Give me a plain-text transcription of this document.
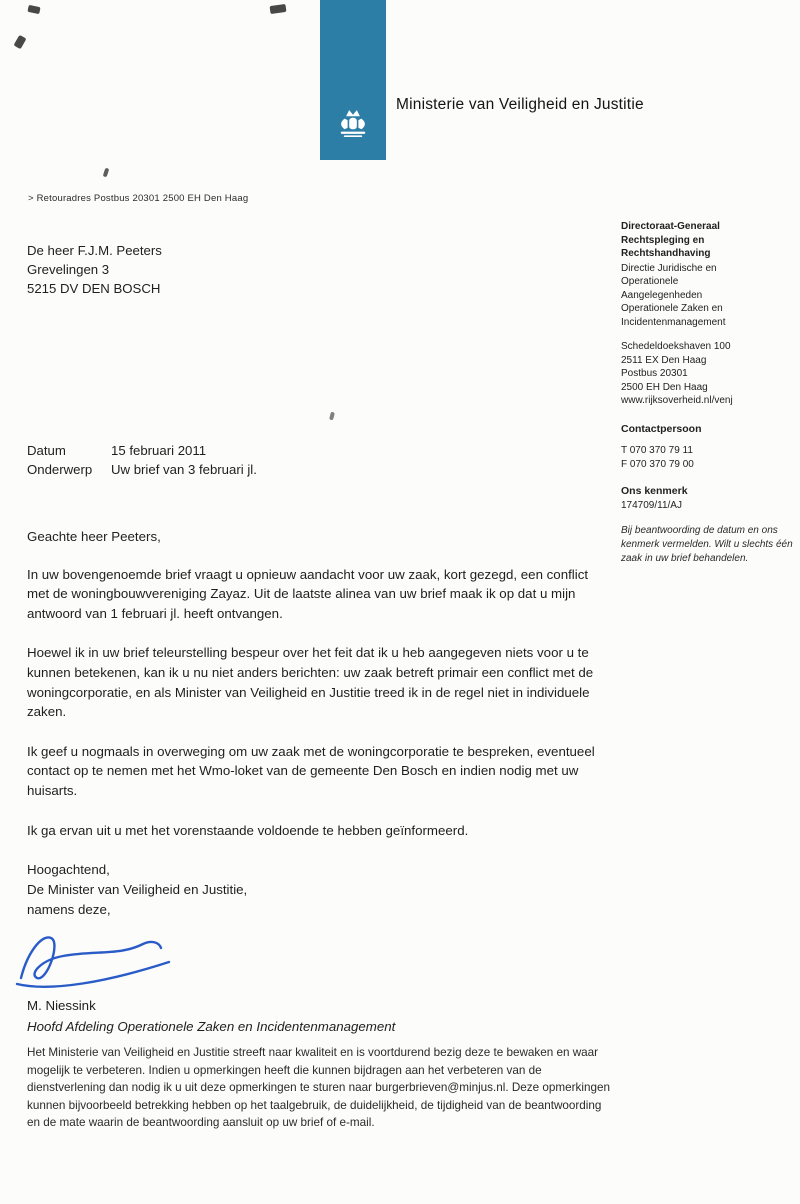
Ministerie van Veiligheid en Justitie
> Retouradres Postbus 20301 2500 EH Den Haag
De heer F.J.M. Peeters
Grevelingen 3
5215 DV DEN BOSCH
Directoraat-Generaal
Rechtspleging en
Rechtshandhaving
Directie Juridische en
Operationele
Aangelegenheden
Operationele Zaken en
Incidentenmanagement
Schedeldoekshaven 100
2511 EX Den Haag
Postbus 20301
2500 EH Den Haag
www.rijksoverheid.nl/venj
Contactpersoon
T 070 370 79 11
F 070 370 79 00
Ons kenmerk
174709/11/AJ
Bij beantwoording de datum en ons kenmerk vermelden. Wilt u slechts één zaak in uw brief behandelen.
Datum	15 februari 2011
Onderwerp Uw brief van 3 februari jl.

Geachte heer Peeters,

In uw bovengenoemde brief vraagt u opnieuw aandacht voor uw zaak, kort gezegd, een conflict met de woningbouwvereniging Zayaz. Uit de laatste alinea van uw brief maak ik op dat u mijn antwoord van 1 februari jl. heeft ontvangen.

Hoewel ik in uw brief teleurstelling bespeur over het feit dat ik u heb aangegeven niets voor u te kunnen betekenen, kan ik u nu niet anders berichten: uw zaak betreft primair een conflict met de woningcorporatie, en als Minister van Veiligheid en Justitie treed ik in de regel niet in individuele zaken.

Ik geef u nogmaals in overweging om uw zaak met de woningcorporatie te bespreken, eventueel contact op te nemen met het Wmo-loket van de gemeente Den Bosch en indien nodig met uw huisarts.

Ik ga ervan uit u met het vorenstaande voldoende te hebben geïnformeerd.

Hoogachtend,
De Minister van Veiligheid en Justitie,
namens deze,
M. Niessink
Hoofd Afdeling Operationele Zaken en Incidentenmanagement

Het Ministerie van Veiligheid en Justitie streeft naar kwaliteit en is voortdurend bezig deze te bewaken en waar mogelijk te verbeteren. Indien u opmerkingen heeft die kunnen bijdragen aan het verbeteren van de dienstverlening dan nodig ik u uit deze opmerkingen te sturen naar burgerbrieven@minjus.nl. Deze opmerkingen kunnen bijvoorbeeld betrekking hebben op het taalgebruik, de duidelijkheid, de tijdigheid van de beantwoording en de mate waarin de beantwoording aansluit op uw brief of e-mail.
